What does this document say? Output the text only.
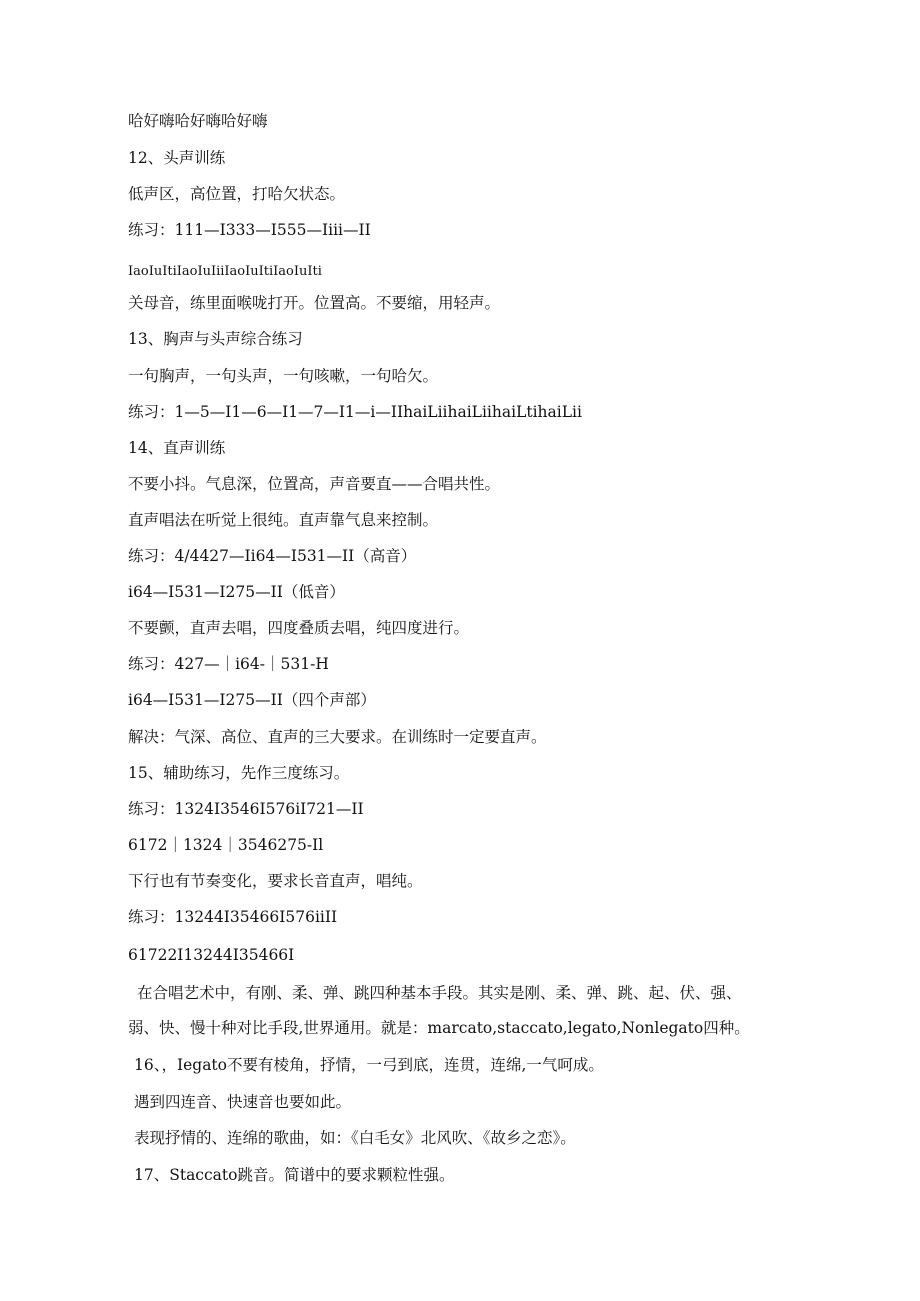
哈好嗨哈好嗨哈好嗨
12、头声训练
低声区，高位置，打哈欠状态。
练习：111—I333—I555—Iiii—II
IaoIuItiIaoIuIiiIaoIuItiIaoIuIti
关母音，练里面喉咙打开。位置高。不要缩，用轻声。
13、胸声与头声综合练习
一句胸声，一句头声，一句咳嗽，一句哈欠。
练习：1—5—I1—6—I1—7—I1—i—IIhaiLiihaiLiihaiLtihaiLii
14、直声训练
不要小抖。气息深，位置高，声音要直——合唱共性。
直声唱法在听觉上很纯。直声靠气息来控制。
练习：4/4427—Ii64—I531—II（高音）
i64—I531—I275—II（低音）
不要颤，直声去唱，四度叠质去唱，纯四度进行。
练习：427—｜i64-｜531-H
i64—I531—I275—II（四个声部）
解决：气深、高位、直声的三大要求。在训练时一定要直声。
15、辅助练习，先作三度练习。
练习：1324I3546I576iI721—II
6172｜1324｜3546275-Il
下行也有节奏变化，要求长音直声，唱纯。
练习：13244I35466I576iiII
61722I13244I35466I
在合唱艺术中，有刚、柔、弹、跳四种基本手段。其实是刚、柔、弹、跳、起、伏、强、
弱、快、慢十种对比手段,世界通用。就是：marcato,staccato,legato,Nonlegato四种。
16、，Iegato不要有棱角，抒情，一弓到底，连贯，连绵,一气呵成。
遇到四连音、快速音也要如此。
表现抒情的、连绵的歌曲，如：《白毛女》北风吹、《故乡之恋》。
17、Staccato跳音。简谱中的要求颗粒性强。
